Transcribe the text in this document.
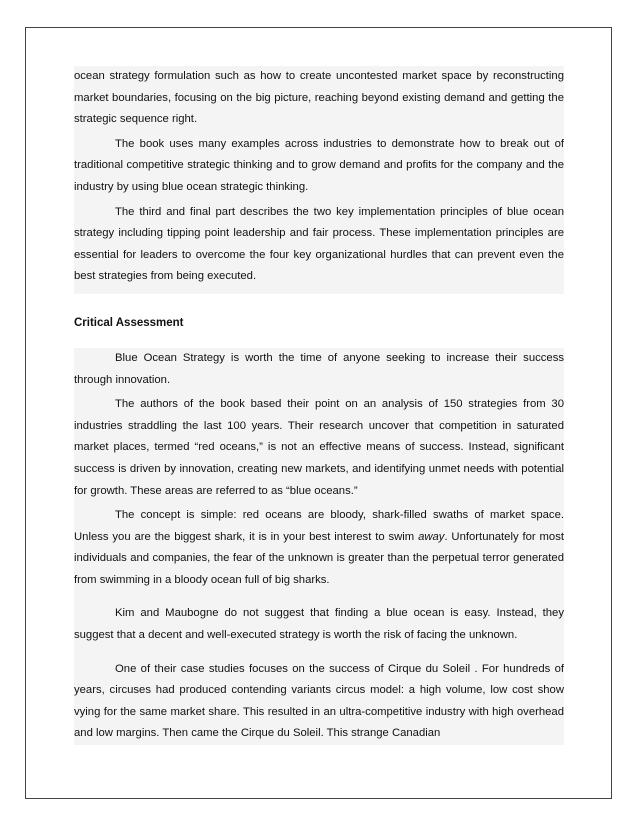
ocean strategy formulation such as how to create uncontested market space by reconstructing market boundaries, focusing on the big picture, reaching beyond existing demand and getting the strategic sequence right.

The book uses many examples across industries to demonstrate how to break out of traditional competitive strategic thinking and to grow demand and profits for the company and the industry by using blue ocean strategic thinking.

The third and final part describes the two key implementation principles of blue ocean strategy including tipping point leadership and fair process. These implementation principles are essential for leaders to overcome the four key organizational hurdles that can prevent even the best strategies from being executed.

Critical Assessment

Blue Ocean Strategy is worth the time of anyone seeking to increase their success through innovation.

The authors of the book based their point on an analysis of 150 strategies from 30 industries straddling the last 100 years. Their research uncover that competition in saturated market places, termed “red oceans,” is not an effective means of success. Instead, significant success is driven by innovation, creating new markets, and identifying unmet needs with potential for growth. These areas are referred to as “blue oceans.”

The concept is simple: red oceans are bloody, shark-filled swaths of market space. Unless you are the biggest shark, it is in your best interest to swim away. Unfortunately for most individuals and companies, the fear of the unknown is greater than the perpetual terror generated from swimming in a bloody ocean full of big sharks.

Kim and Maubogne do not suggest that finding a blue ocean is easy. Instead, they suggest that a decent and well-executed strategy is worth the risk of facing the unknown.

One of their case studies focuses on the success of Cirque du Soleil . For hundreds of years, circuses had produced contending variants circus model: a high volume, low cost show vying for the same market share. This resulted in an ultra-competitive industry with high overhead and low margins. Then came the Cirque du Soleil. This strange Canadian
